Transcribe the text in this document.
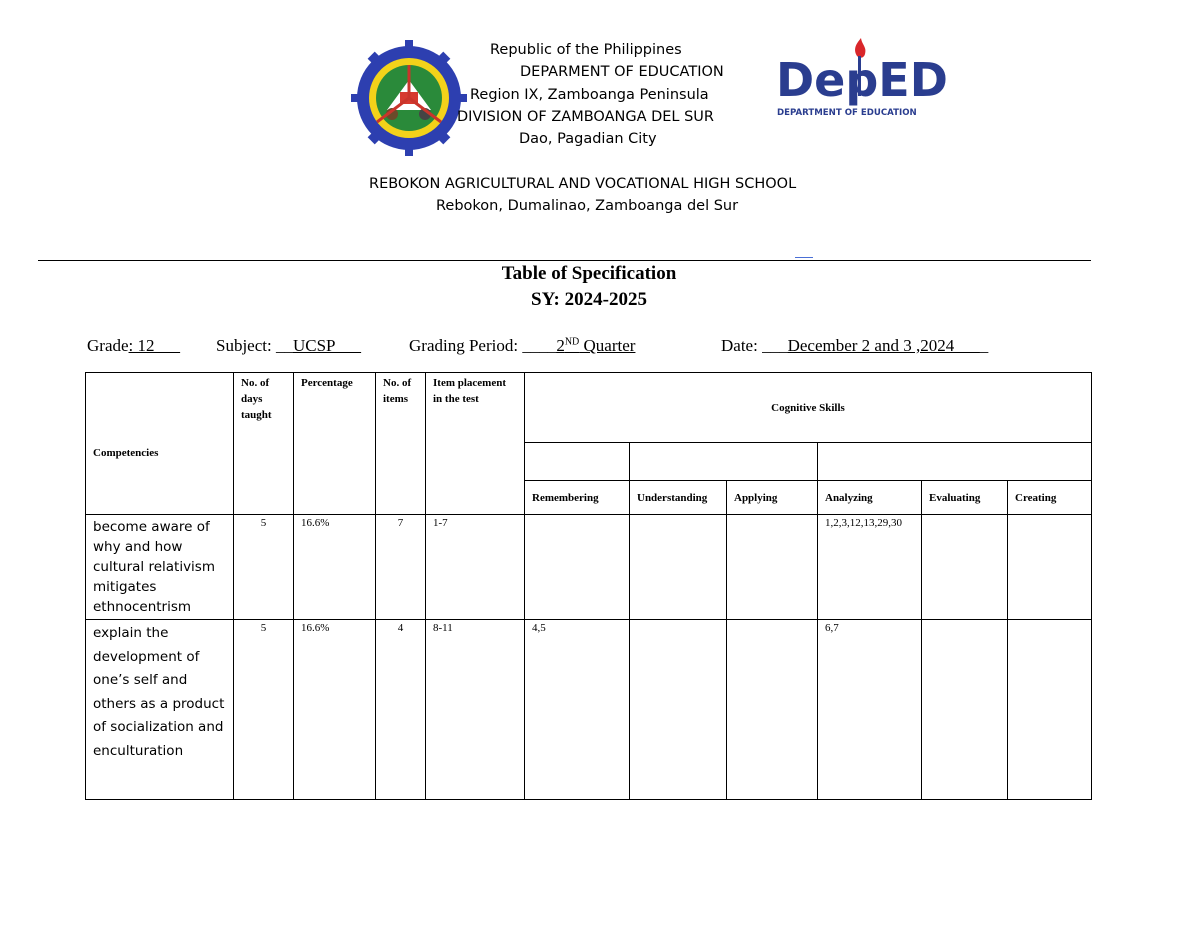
DepED
DEPARTMENT OF EDUCATION
Republic of the Philippines
DEPARMENT OF EDUCATION
Region IX, Zamboanga Peninsula
DIVISION OF ZAMBOANGA DEL SUR
Dao, Pagadian City
REBOKON AGRICULTURAL AND VOCATIONAL HIGH SCHOOL
Rebokon, Dumalinao, Zamboanga del Sur
Table of Specification
SY: 2024-2025
Grade: 12___ Subject: __UCSP___	Grading Period: ____2ND Quarter	Date: ___December 2 and 3 ,2024____
Competencies	No. of days taught	Percentage	No. of items	Item placement in the test	Cognitive Skills					

					Remembering	Understanding	Applying	Analyzing	Evaluating	Creating
become aware of why and how cultural relativism mitigates ethnocentrism	5	16.6%	7	1-7				1,2,3,12,13,29,30		
explain the development of one’s self and others as a product of socialization and enculturation	5	16.6%	4	8-11	4,5			6,7		
